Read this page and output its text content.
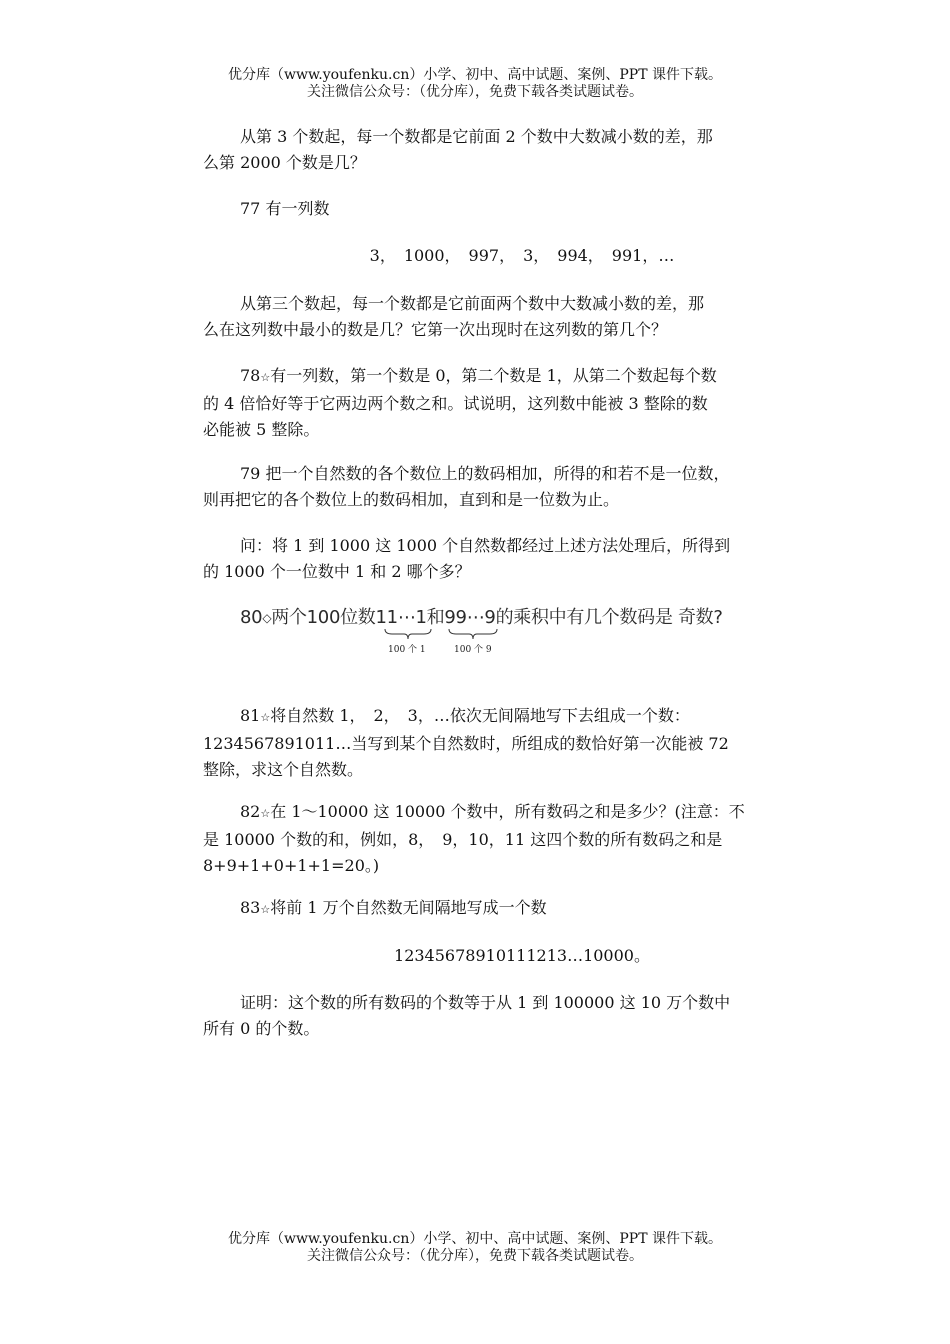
优分库（www.youfenku.cn）小学、初中、高中试题、案例、PPT 课件下载。
关注微信公众号：（优分库），免费下载各类试题试卷。
从第 3 个数起，每一个数都是它前面 2 个数中大数减小数的差，那
么第 2000 个数是几？
77 有一列数
3，　1000，　997，　3，　994，　991，…
从第三个数起，每一个数都是它前面两个数中大数减小数的差，那
么在这列数中最小的数是几？它第一次出现时在这列数的第几个？
78☆有一列数，第一个数是 0，第二个数是 1，从第二个数起每个数
的 4 倍恰好等于它两边两个数之和。试说明，这列数中能被 3 整除的数
必能被 5 整除。
79 把一个自然数的各个数位上的数码相加，所得的和若不是一位数，
则再把它的各个数位上的数码相加，直到和是一位数为止。
问：将 1 到 1000 这 1000 个自然数都经过上述方法处理后，所得到
的 1000 个一位数中 1 和 2 哪个多？
80◇两个100位数11⋯1和99⋯9的乘积中有几个数码是 奇数?
100 个 1	100 个 9
81☆将自然数 1，　2，　3，…依次无间隔地写下去组成一个数：
1234567891011…当写到某个自然数时，所组成的数恰好第一次能被 72
整除，求这个自然数。
82☆在 1～10000 这 10000 个数中，所有数码之和是多少？(注意：不
是 10000 个数的和，例如，8，　9，10，11 这四个数的所有数码之和是
8+9+1+0+1+1=20。)
83☆将前 1 万个自然数无间隔地写成一个数
12345678910111213…10000。
证明：这个数的所有数码的个数等于从 1 到 100000 这 10 万个数中
所有 0 的个数。
优分库（www.youfenku.cn）小学、初中、高中试题、案例、PPT 课件下载。
关注微信公众号：（优分库），免费下载各类试题试卷。
